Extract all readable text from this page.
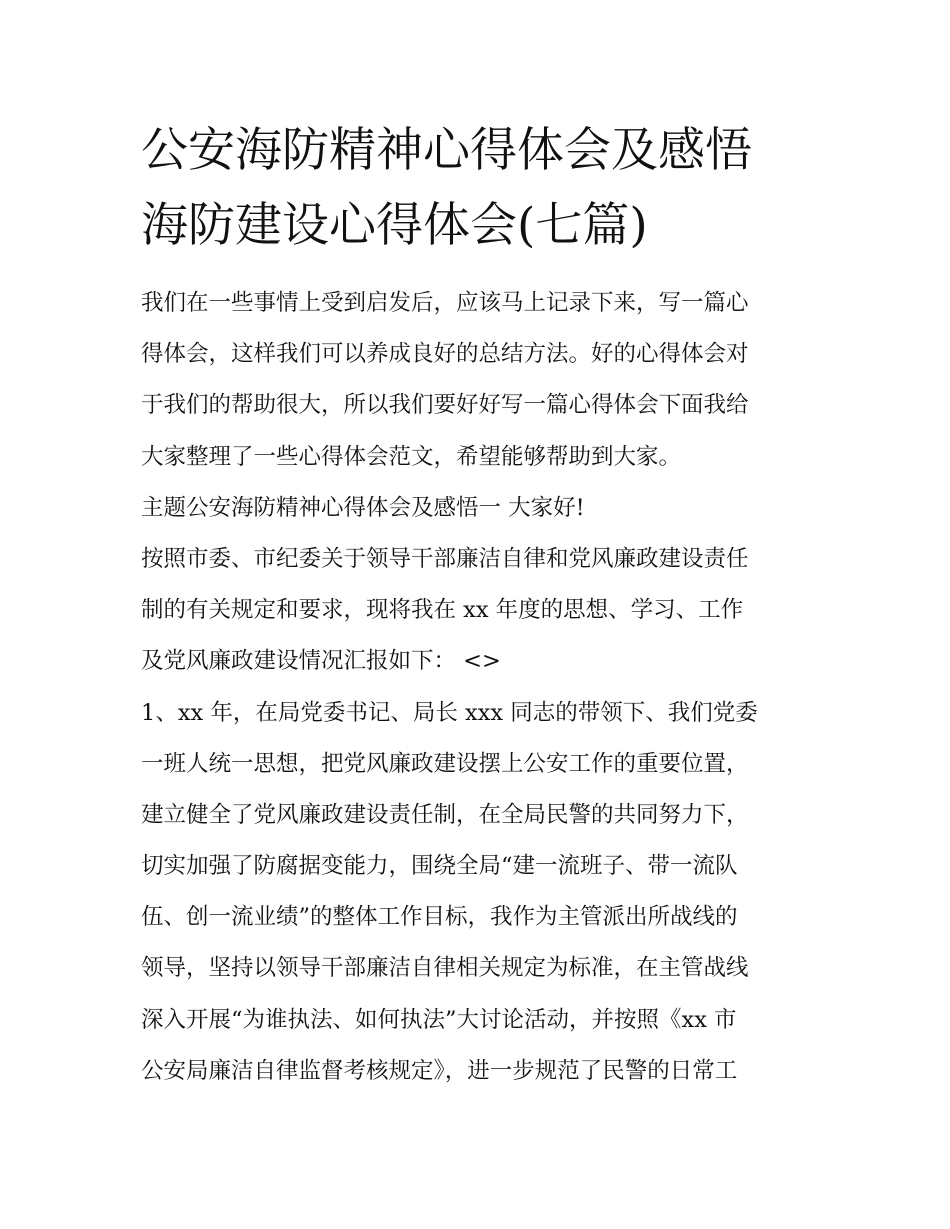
公安海防精神心得体会及感悟
海防建设心得体会(七篇)
我们在一些事情上受到启发后，应该马上记录下来，写一篇心
得体会，这样我们可以养成良好的总结方法。好的心得体会对
于我们的帮助很大，所以我们要好好写一篇心得体会下面我给
大家整理了一些心得体会范文，希望能够帮助到大家。
主题公安海防精神心得体会及感悟一 大家好!
按照市委、市纪委关于领导干部廉洁自律和党风廉政建设责任
制的有关规定和要求，现将我在 xx 年度的思想、学习、工作
及党风廉政建设情况汇报如下： <>
1、xx 年，在局党委书记、局长 xxx 同志的带领下、我们党委
一班人统一思想，把党风廉政建设摆上公安工作的重要位置，
建立健全了党风廉政建设责任制，在全局民警的共同努力下，
切实加强了防腐据变能力，围绕全局“建一流班子、带一流队
伍、创一流业绩”的整体工作目标，我作为主管派出所战线的
领导，坚持以领导干部廉洁自律相关规定为标准，在主管战线
深入开展“为谁执法、如何执法”大讨论活动，并按照《xx 市
公安局廉洁自律监督考核规定》，进一步规范了民警的日常工
